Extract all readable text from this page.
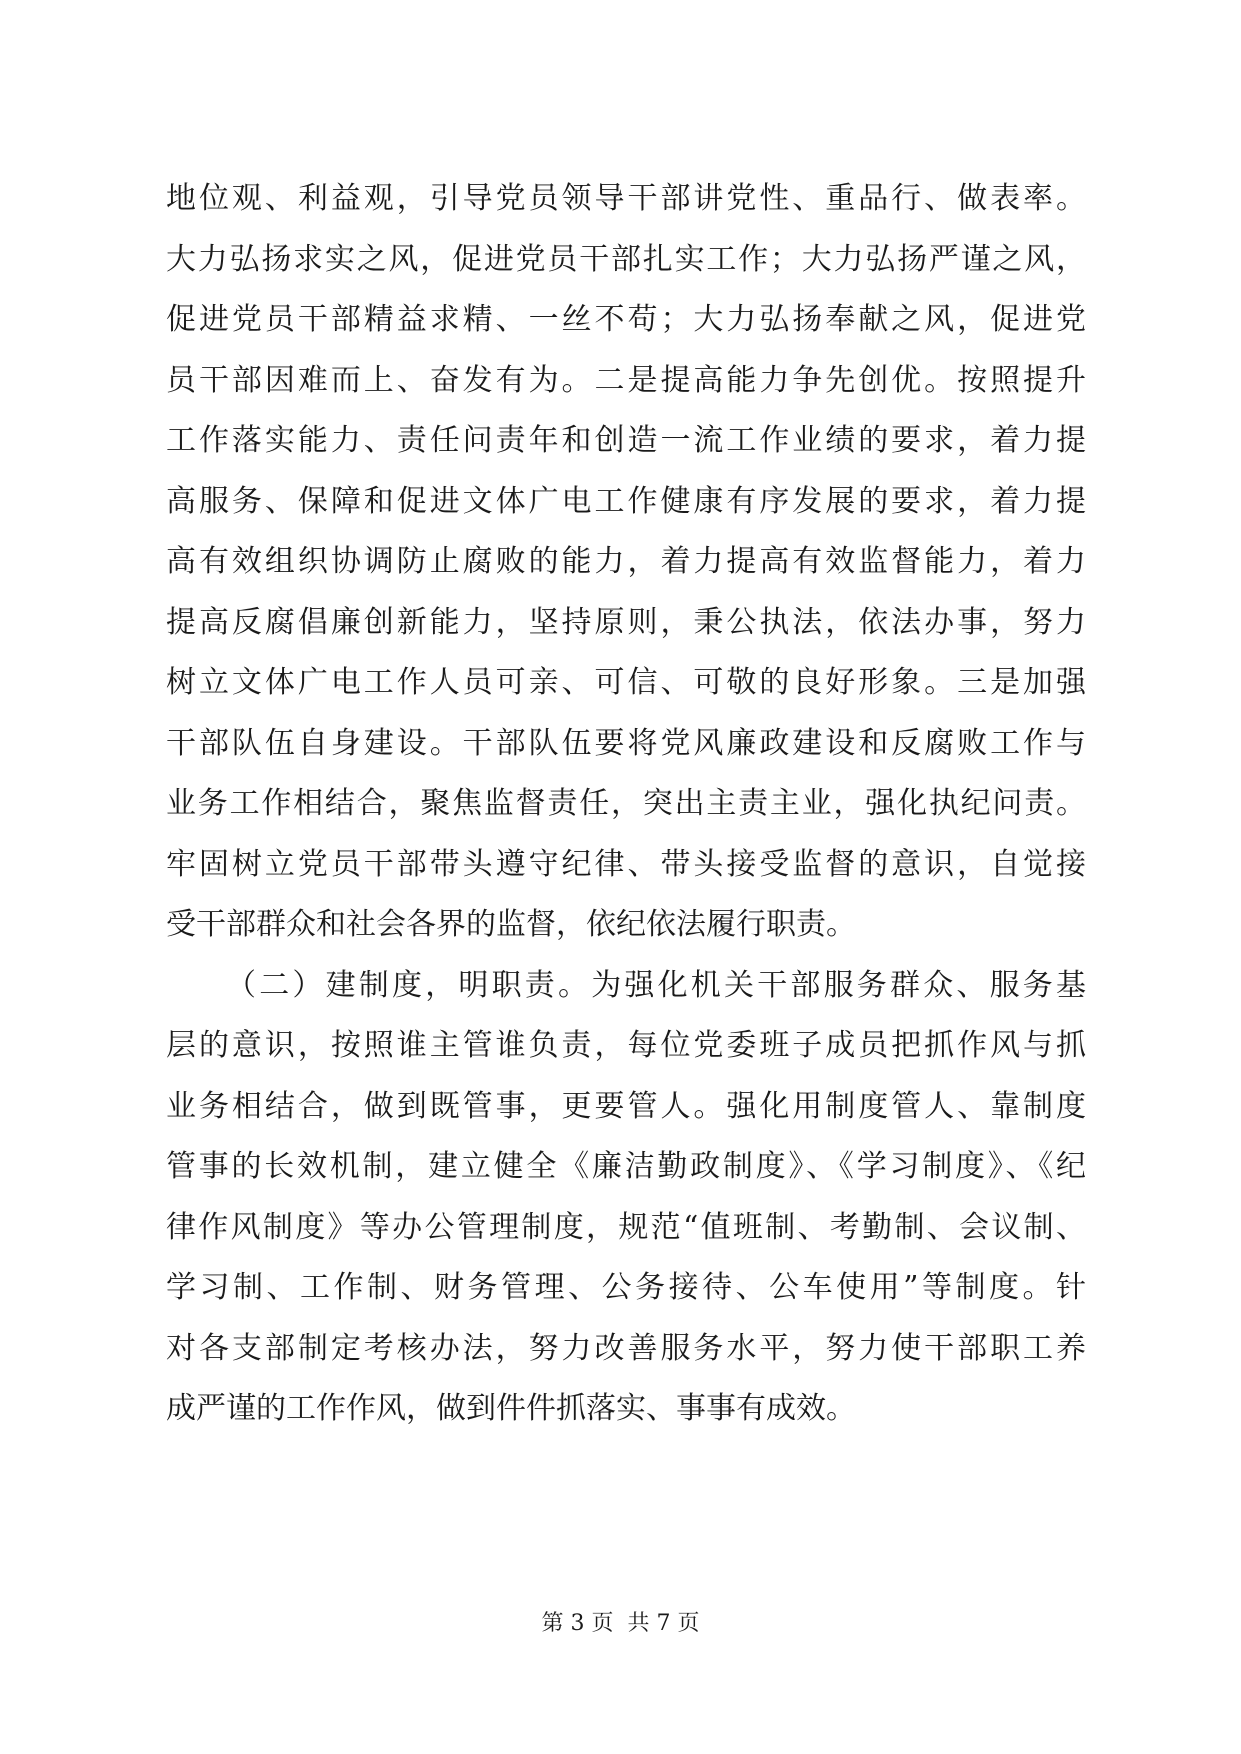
地位观、利益观，引导党员领导干部讲党性、重品行、做表率。
大力弘扬求实之风，促进党员干部扎实工作；大力弘扬严谨之风，
促进党员干部精益求精、一丝不苟；大力弘扬奉献之风，促进党
员干部因难而上、奋发有为。二是提高能力争先创优。按照提升
工作落实能力、责任问责年和创造一流工作业绩的要求，着力提
高服务、保障和促进文体广电工作健康有序发展的要求，着力提
高有效组织协调防止腐败的能力，着力提高有效监督能力，着力
提高反腐倡廉创新能力，坚持原则，秉公执法，依法办事，努力
树立文体广电工作人员可亲、可信、可敬的良好形象。三是加强
干部队伍自身建设。干部队伍要将党风廉政建设和反腐败工作与
业务工作相结合，聚焦监督责任，突出主责主业，强化执纪问责。
牢固树立党员干部带头遵守纪律、带头接受监督的意识，自觉接
受干部群众和社会各界的监督，依纪依法履行职责。
（二）建制度，明职责。为强化机关干部服务群众、服务基
层的意识，按照谁主管谁负责，每位党委班子成员把抓作风与抓
业务相结合，做到既管事，更要管人。强化用制度管人、靠制度
管事的长效机制，建立健全《廉洁勤政制度》、《学习制度》、《纪
律作风制度》等办公管理制度，规范“值班制、考勤制、会议制、
学习制、工作制、财务管理、公务接待、公车使用”等制度。针
对各支部制定考核办法，努力改善服务水平，努力使干部职工养
成严谨的工作作风，做到件件抓落实、事事有成效。
第 3 页  共 7 页
